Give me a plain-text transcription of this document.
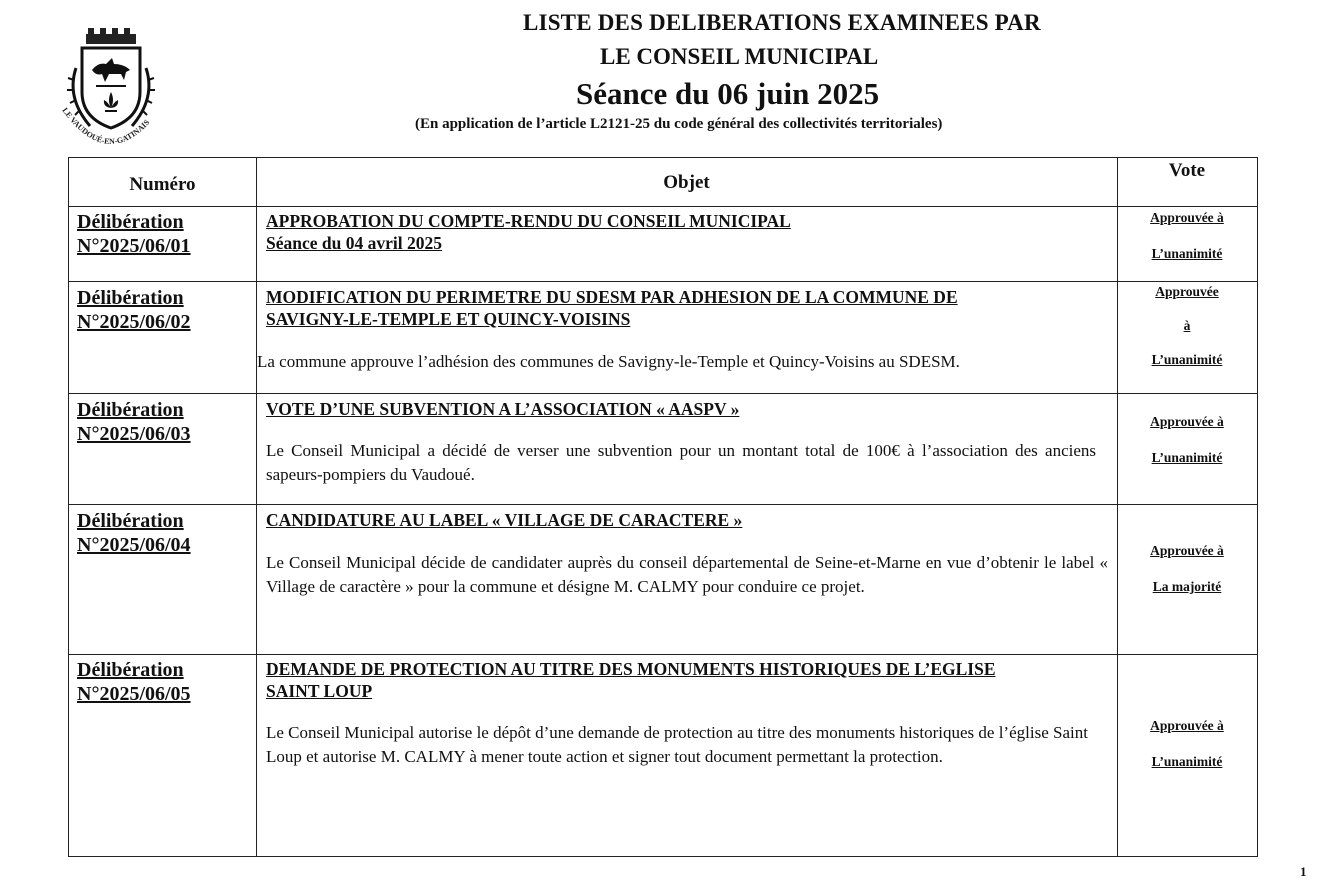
LE VAUDOUÉ-EN-GATINAIS
LISTE DES DELIBERATIONS EXAMINEES PAR
LE CONSEIL MUNICIPAL
Séance du 06 juin 2025
(En application de l’article L2121-25 du code général des collectivités territoriales)
Numéro	Objet
Vote
Délibération
N°2025/06/01
APPROBATION DU COMPTE-RENDU DU CONSEIL MUNICIPAL
Séance du 04 avril 2025
Approuvée à
L’unanimité
Délibération
N°2025/06/02
MODIFICATION DU PERIMETRE DU SDESM PAR ADHESION DE LA COMMUNE DE
SAVIGNY-LE-TEMPLE ET QUINCY-VOISINS
La commune approuve l’adhésion des communes de Savigny-le-Temple et Quincy-Voisins au SDESM.
Approuvée
à
L’unanimité
Délibération
N°2025/06/03
VOTE D’UNE SUBVENTION A L’ASSOCIATION « AASPV »
Le Conseil Municipal a décidé de verser une subvention pour un montant total de 100€ à l’association des anciens sapeurs-pompiers du Vaudoué.
Approuvée à
L’unanimité
Délibération
N°2025/06/04
CANDIDATURE AU LABEL « VILLAGE DE CARACTERE »
Le Conseil Municipal décide de candidater auprès du conseil départemental de Seine-et-Marne en vue d’obtenir le label « Village de caractère » pour la commune et désigne M. CALMY pour conduire ce projet.
Approuvée à
La majorité
Délibération
N°2025/06/05
DEMANDE DE PROTECTION AU TITRE DES MONUMENTS HISTORIQUES DE L’EGLISE
SAINT LOUP
Le Conseil Municipal autorise le dépôt d’une demande de protection au titre des monuments historiques de l’église Saint Loup et autorise M. CALMY à mener toute action et signer tout document permettant la protection.
Approuvée à
L’unanimité
1
